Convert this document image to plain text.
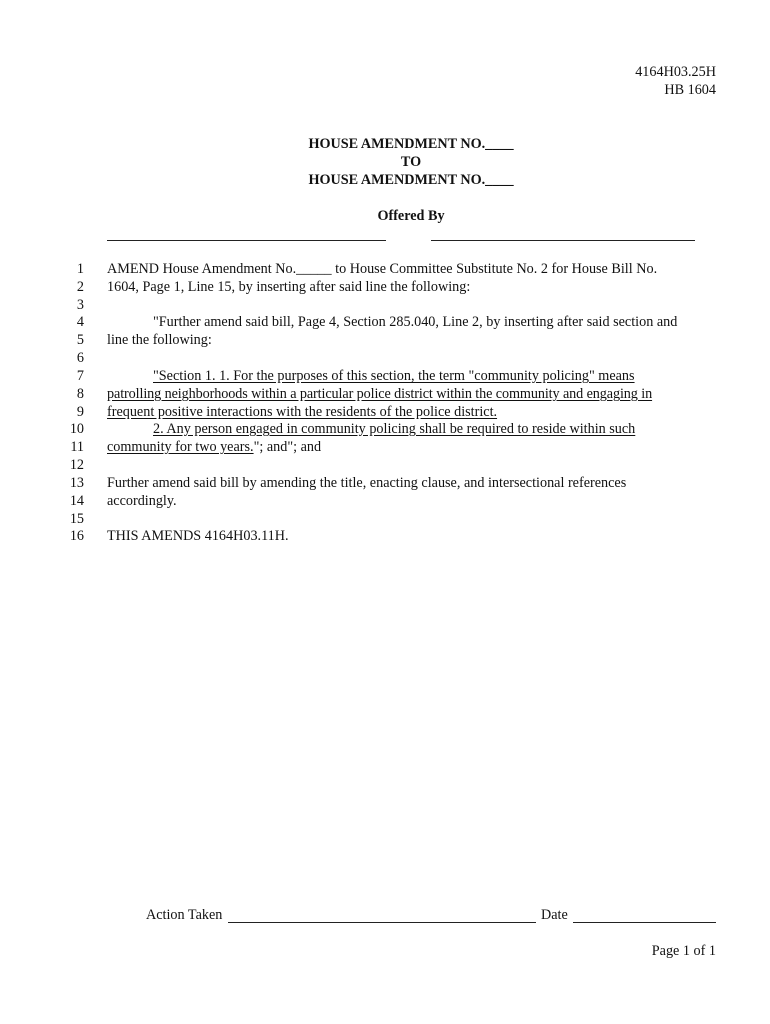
4164H03.25H
HB 1604
HOUSE AMENDMENT NO.____
TO
HOUSE AMENDMENT NO.____
Offered By
1 AMEND House Amendment No._____ to House Committee Substitute No. 2 for House Bill No.
2 1604, Page 1, Line 15, by inserting after said line the following:
3
4	"Further amend said bill, Page 4, Section 285.040, Line 2, by inserting after said section and
5 line the following:
6
7	"Section 1. 1. For the purposes of this section, the term "community policing" means
8 patrolling neighborhoods within a particular police district within the community and engaging in
9 frequent positive interactions with the residents of the police district.
10	2. Any person engaged in community policing shall be required to reside within such
11 community for two years."; and"; and
12
13 Further amend said bill by amending the title, enacting clause, and intersectional references
14 accordingly.
15
16 THIS AMENDS 4164H03.11H.
Action Taken	Date
Page 1 of 1
